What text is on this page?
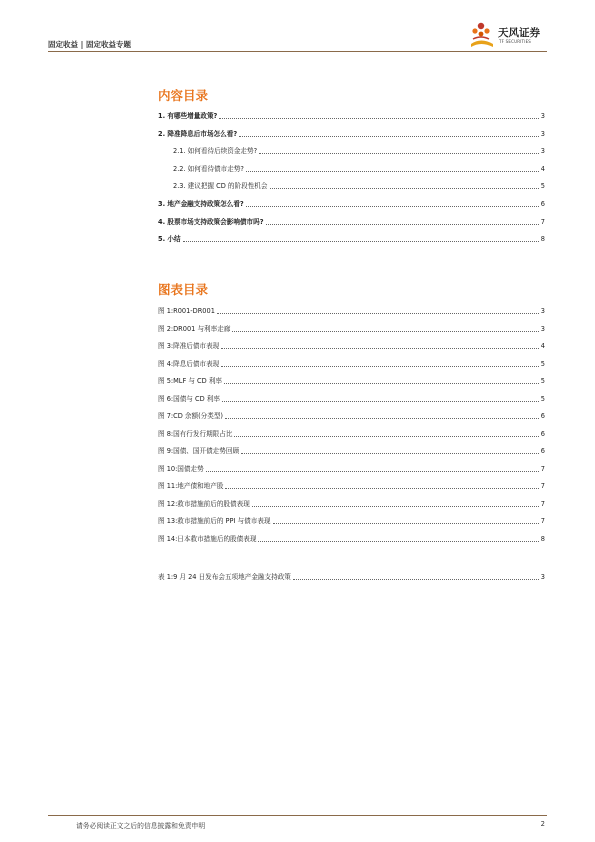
固定收益 | 固定收益专题
天风证券
TF SECURITIES
内容目录
1. 有哪些增量政策?	3
2. 降准降息后市场怎么看?	3
2.1. 如何看待后续资金走势?	3
2.2. 如何看待债市走势?	4
2.3. 建议把握 CD 的阶段性机会	5
3. 地产金融支持政策怎么看?	6
4. 股票市场支持政策会影响债市吗?	7
5. 小结	8
图表目录
图 1:R001-DR001	3
图 2:DR001 与利率走廊	3
图 3:降准后债市表现	4
图 4:降息后债市表现	5
图 5:MLF 与 CD 利率	5
图 6:国债与 CD 利率	5
图 7:CD 余额(分类型)	6
图 8:国有行发行期限占比	6
图 9:国债、国开债走势回顾	6
图 10:国债走势	7
图 11:地产债和地产股	7
图 12:救市措施前后的股债表现	7
图 13:救市措施前后的 PPI 与债市表现	7
图 14:日本救市措施后的股债表现	8
表 1:9 月 24 日发布会五项地产金融支持政策	3
请务必阅读正文之后的信息披露和免责申明	2
